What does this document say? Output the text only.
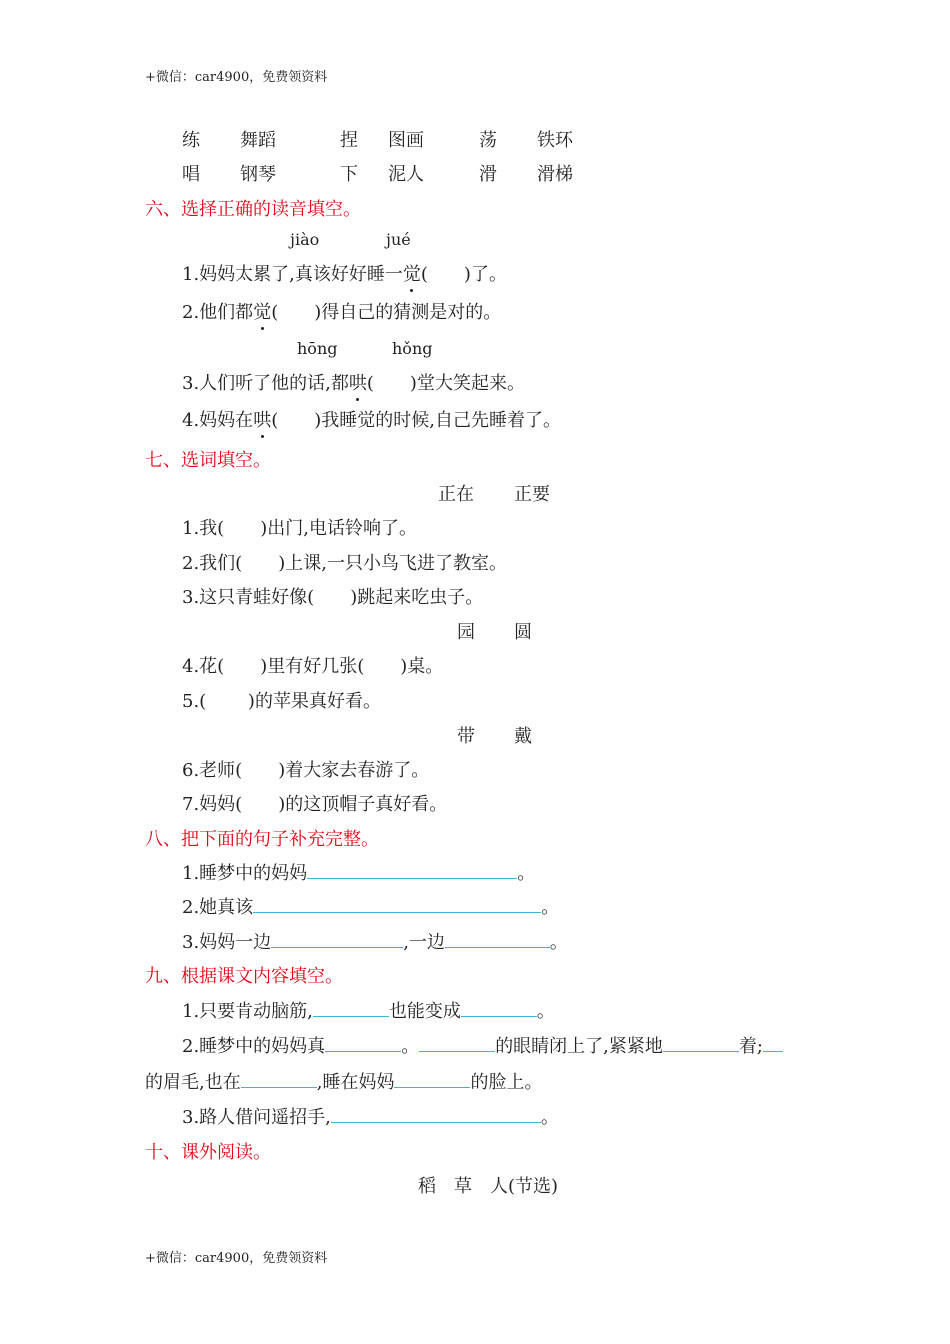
+微信：car4900，免费领资料
练 舞蹈	捏 图画	荡 铁环
唱 钢琴	下 泥人	滑 滑梯
六、选择正确的读音填空。
jiào	jué
1.妈妈太累了,真该好好睡一觉(　　)了。
2.他们都觉(　　)得自己的猜测是对的。
hōng	hǒng
3.人们听了他的话,都哄(　　)堂大笑起来。
4.妈妈在哄(　　)我睡觉的时候,自己先睡着了。
七、选词填空。
正在 正要
1.我(　　)出门,电话铃响了。
2.我们(　　)上课,一只小鸟飞进了教室。
3.这只青蛙好像(　　)跳起来吃虫子。
园 圆
4.花(　　)里有好几张(　　)桌。
5.(　　 )的苹果真好看。
带 戴
6.老师(　　)着大家去春游了。
7.妈妈(　　)的这顶帽子真好看。
八、把下面的句子补充完整。
1.睡梦中的妈妈	。
2.她真该	。
3.妈妈一边	,一边	。
九、根据课文内容填空。
1.只要肯动脑筋,	也能变成	。
2.睡梦中的妈妈真	。	的眼睛闭上了,紧紧地	着;
的眉毛,也在	,睡在妈妈	的脸上。
3.路人借问遥招手,	。
十、课外阅读。
稻　草　人(节选)
+微信：car4900，免费领资料
